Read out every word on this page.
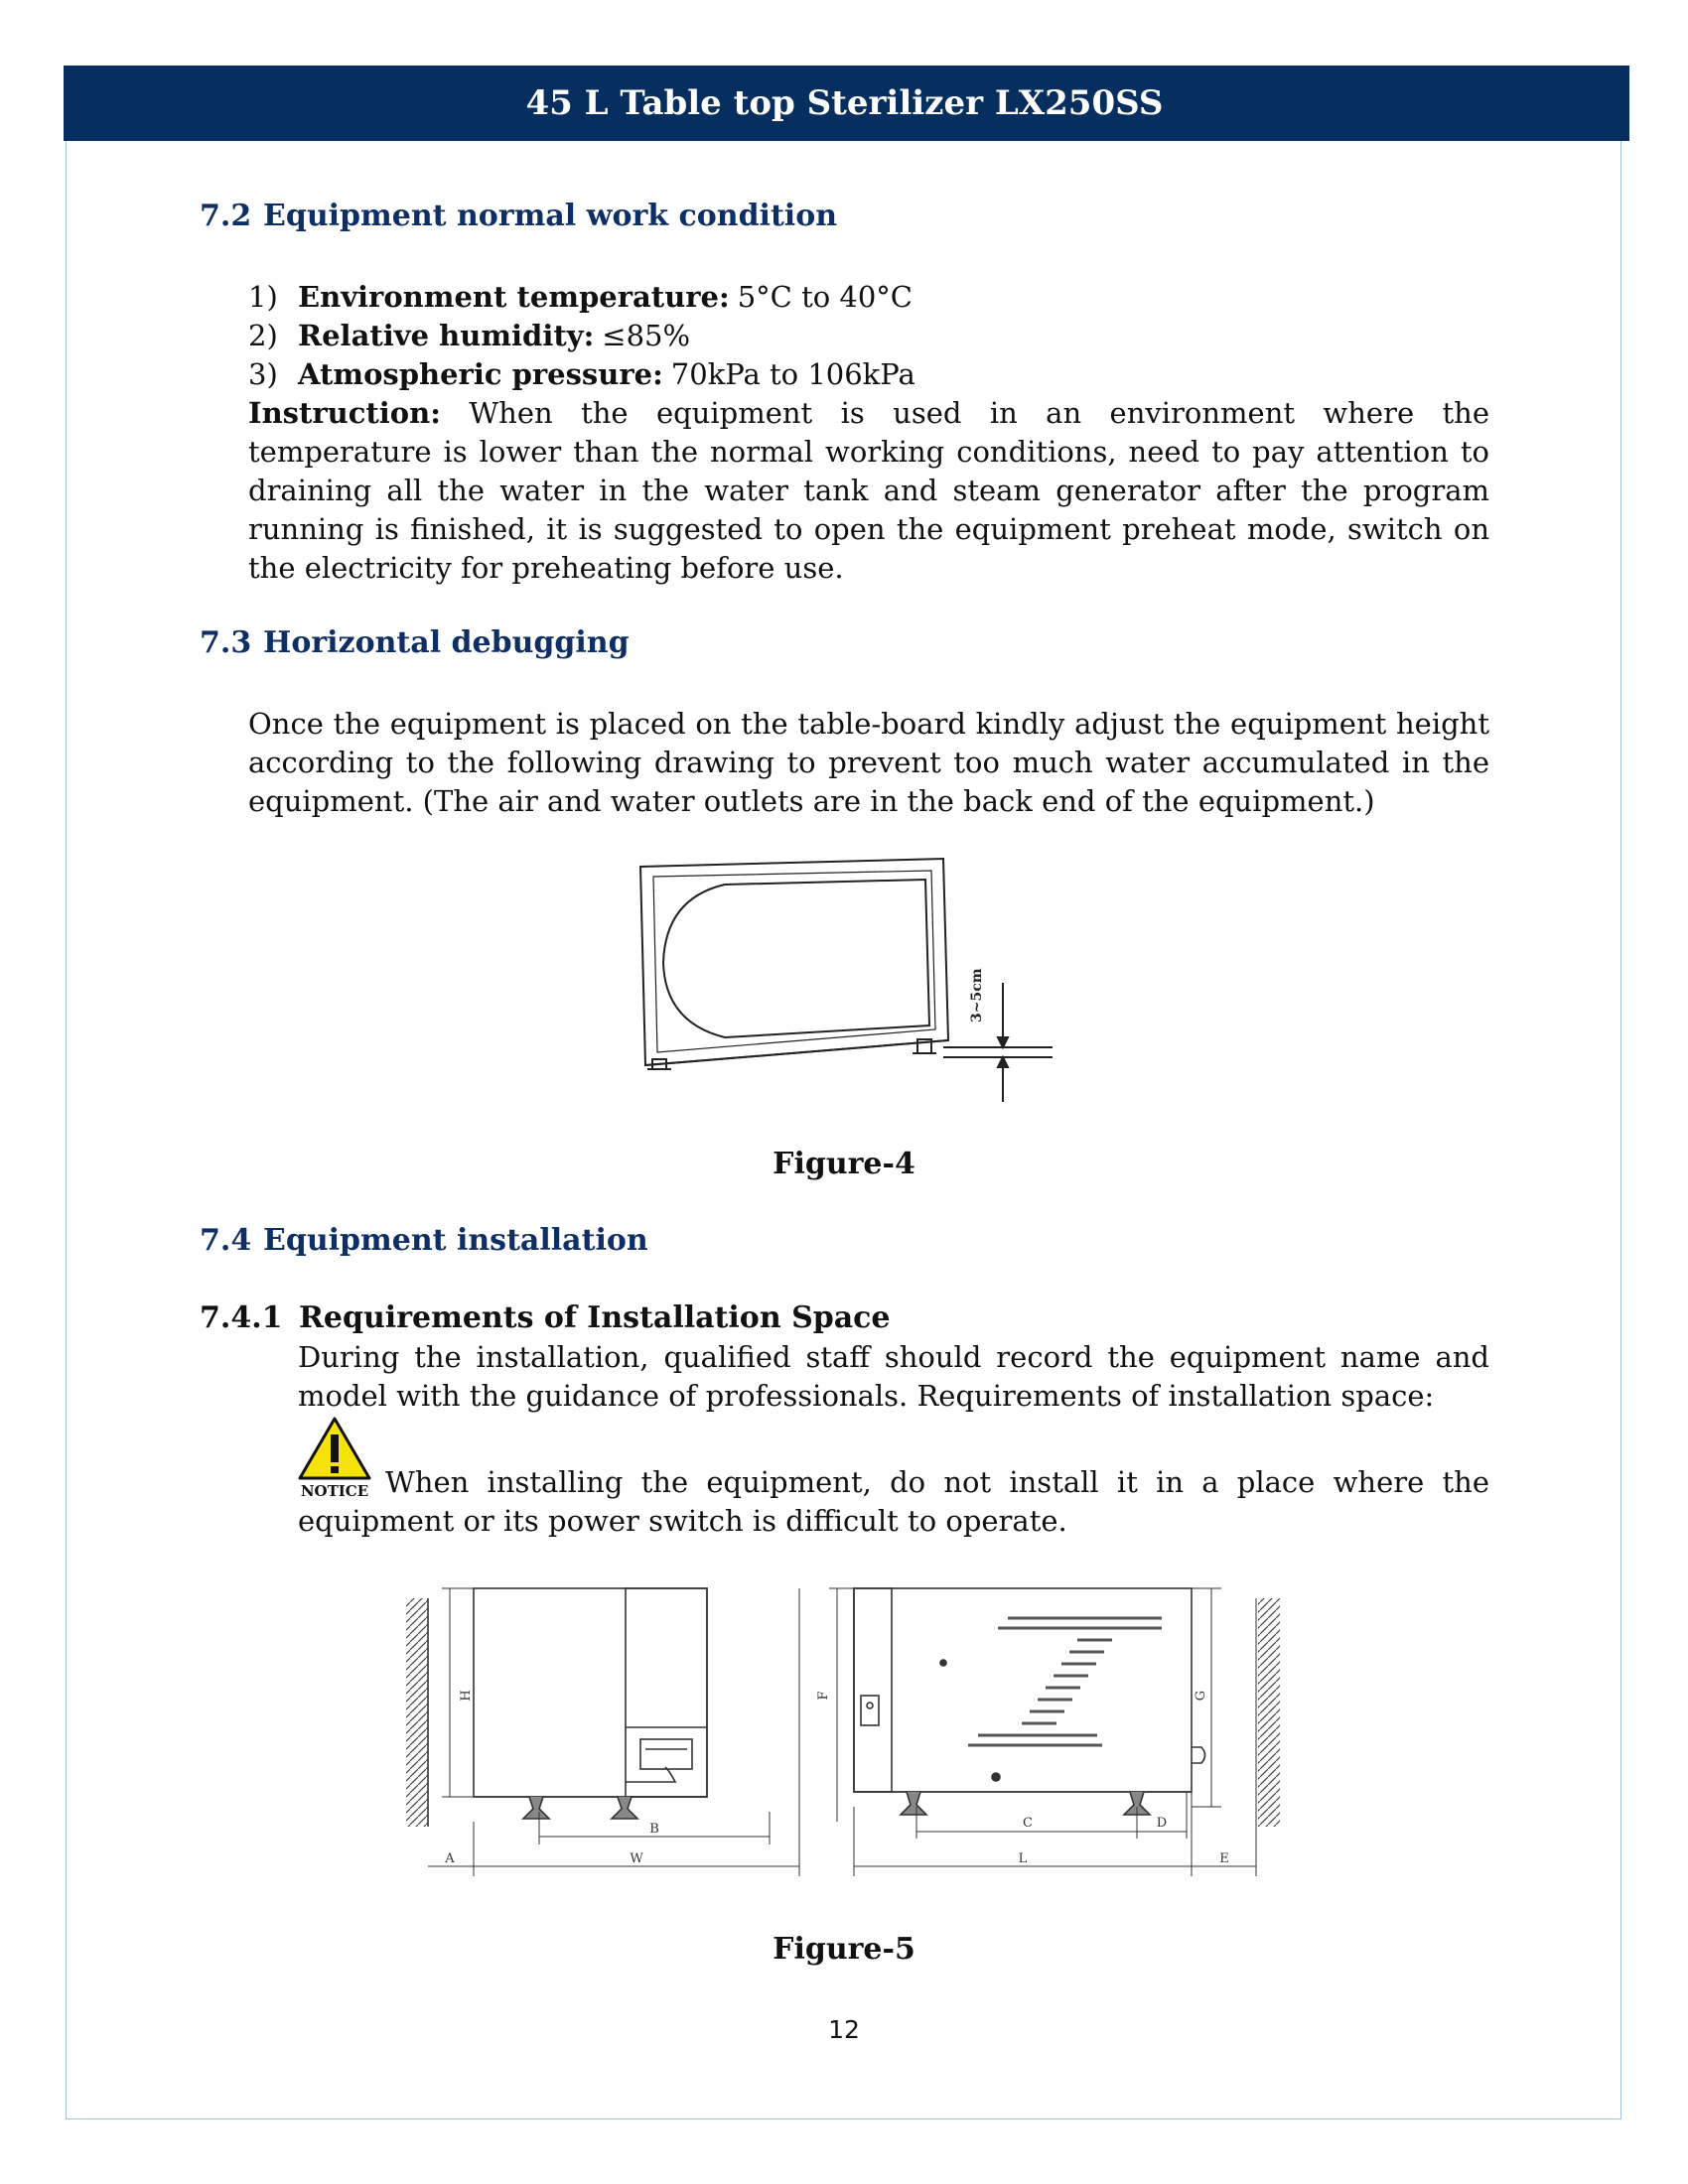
45 L Table top Sterilizer LX250SS
7.2 Equipment normal work condition
1) Environment temperature: 5°C to 40°C
2) Relative humidity: ≤85%
3) Atmospheric pressure: 70kPa to 106kPa
Instruction: When the equipment is used in an environment where the temperature is lower than the normal working conditions, need to pay attention to draining all the water in the water tank and steam generator after the program running is finished, it is suggested to open the equipment preheat mode, switch on the electricity for preheating before use.
7.3 Horizontal debugging
Once the equipment is placed on the table-board kindly adjust the equipment height according to the following drawing to prevent too much water accumulated in the equipment. (The air and water outlets are in the back end of the equipment.)
3~5cm
Figure-4
7.4 Equipment installation
7.4.1 Requirements of Installation Space
During the installation, qualified staff should record the equipment name and model with the guidance of professionals. Requirements of installation space:
NOTICE When installing the equipment, do not install it in a place where the equipment or its power switch is difficult to operate.
H
B
A	W
F	G
C	D
L	E
Figure-5
12
